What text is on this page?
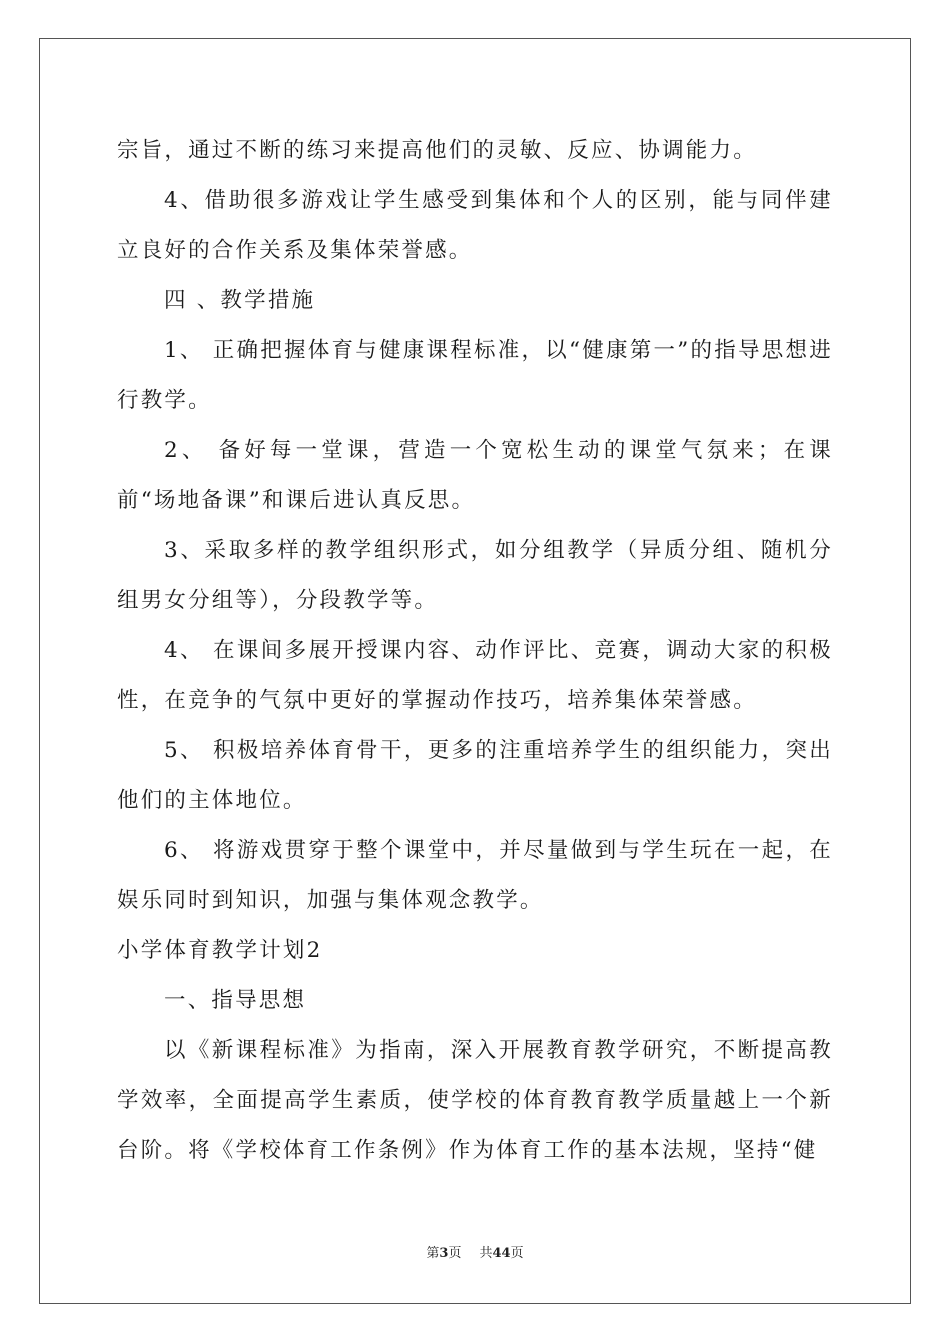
宗旨，通过不断的练习来提高他们的灵敏、反应、协调能力。

4、借助很多游戏让学生感受到集体和个人的区别，能与同伴建立良好的合作关系及集体荣誉感。

四 、教学措施

1、 正确把握体育与健康课程标准，以“健康第一”的指导思想进行教学。

2、 备好每一堂课，营造一个宽松生动的课堂气氛来；在课前“场地备课”和课后进认真反思。

3、采取多样的教学组织形式，如分组教学（异质分组、随机分组男女分组等），分段教学等。

4、 在课间多展开授课内容、动作评比、竞赛，调动大家的积极性，在竞争的气氛中更好的掌握动作技巧，培养集体荣誉感。

5、 积极培养体育骨干，更多的注重培养学生的组织能力，突出他们的主体地位。

6、 将游戏贯穿于整个课堂中，并尽量做到与学生玩在一起，在娱乐同时到知识，加强与集体观念教学。

小学体育教学计划2

一、指导思想

以《新课程标准》为指南，深入开展教育教学研究，不断提高教学效率，全面提高学生素质，使学校的体育教育教学质量越上一个新台阶。将《学校体育工作条例》作为体育工作的基本法规，坚持“健

第3页 共44页
